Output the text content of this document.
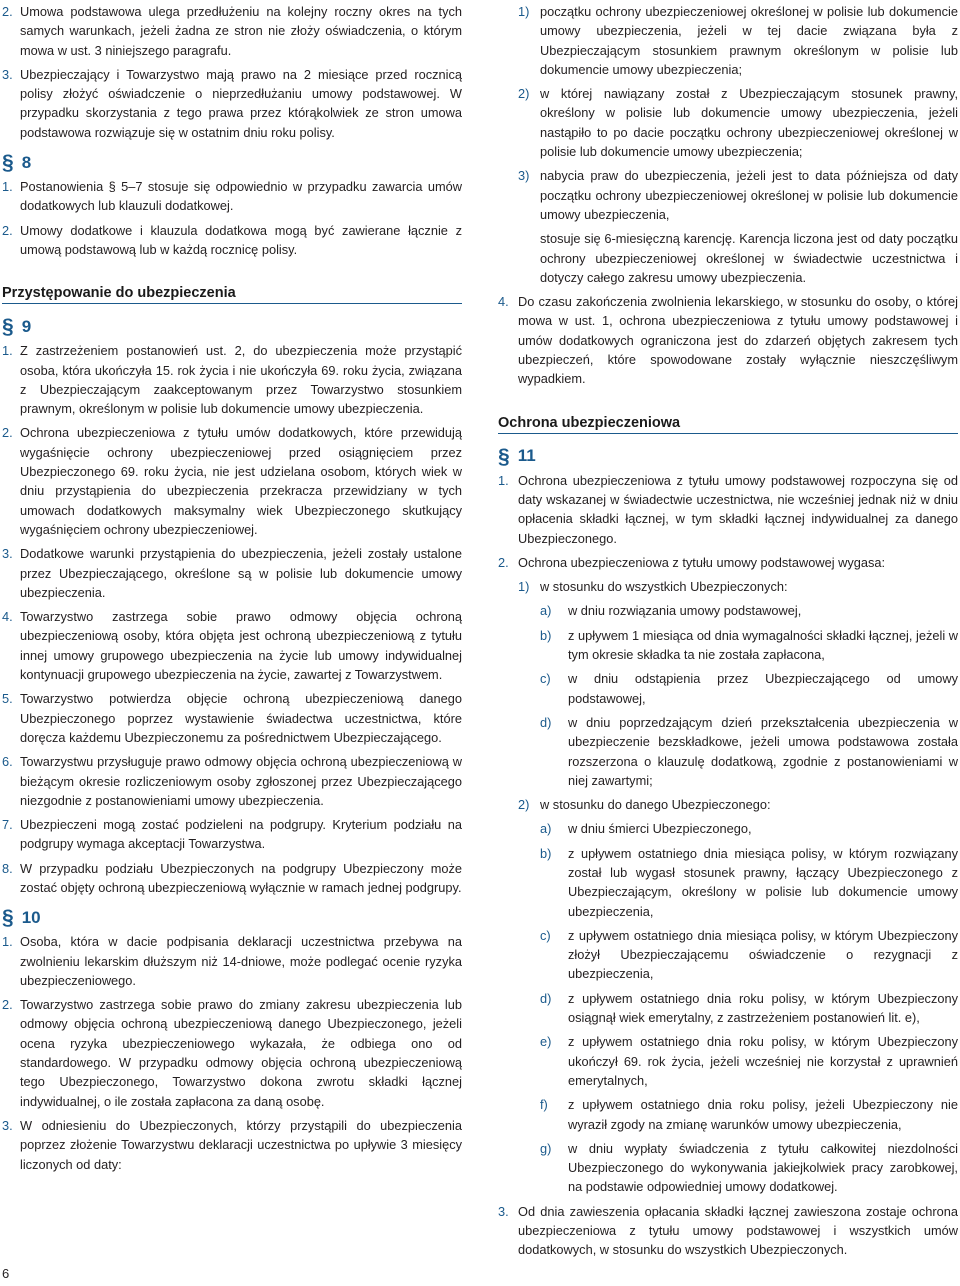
2. Umowa podstawowa ulega przedłużeniu na kolejny roczny okres na tych samych warunkach, jeżeli żadna ze stron nie złoży oświadczenia, o którym mowa w ust. 3 niniejszego paragrafu.
3. Ubezpieczający i Towarzystwo mają prawo na 2 miesiące przed rocznicą polisy złożyć oświadczenie o nieprzedłużaniu umowy podstawowej. W przypadku skorzystania z tego prawa przez którąkolwiek ze stron umowa podstawowa rozwiązuje się w ostatnim dniu roku polisy.
§ 8
1. Postanowienia § 5–7 stosuje się odpowiednio w przypadku zawarcia umów dodatkowych lub klauzuli dodatkowej.
2. Umowy dodatkowe i klauzula dodatkowa mogą być zawierane łącznie z umową podstawową lub w każdą rocznicę polisy.
Przystępowanie do ubezpieczenia
§ 9
1. Z zastrzeżeniem postanowień ust. 2, do ubezpieczenia może przystąpić osoba, która ukończyła 15. rok życia i nie ukończyła 69. roku życia, związana z Ubezpieczającym zaakceptowanym przez Towarzystwo stosunkiem prawnym, określonym w polisie lub dokumencie umowy ubezpieczenia.
2. Ochrona ubezpieczeniowa z tytułu umów dodatkowych, które przewidują wygaśnięcie ochrony ubezpieczeniowej przed osiągnięciem przez Ubezpieczonego 69. roku życia, nie jest udzielana osobom, których wiek w dniu przystąpienia do ubezpieczenia przekracza przewidziany w tych umowach dodatkowych maksymalny wiek Ubezpieczonego skutkujący wygaśnięciem ochrony ubezpieczeniowej.
3. Dodatkowe warunki przystąpienia do ubezpieczenia, jeżeli zostały ustalone przez Ubezpieczającego, określone są w polisie lub dokumencie umowy ubezpieczenia.
4. Towarzystwo zastrzega sobie prawo odmowy objęcia ochroną ubezpieczeniową osoby, która objęta jest ochroną ubezpieczeniową z tytułu innej umowy grupowego ubezpieczenia na życie lub umowy indywidualnej kontynuacji grupowego ubezpieczenia na życie, zawartej z Towarzystwem.
5. Towarzystwo potwierdza objęcie ochroną ubezpieczeniową danego Ubezpieczonego poprzez wystawienie świadectwa uczestnictwa, które doręcza każdemu Ubezpieczonemu za pośrednictwem Ubezpieczającego.
6. Towarzystwu przysługuje prawo odmowy objęcia ochroną ubezpieczeniową w bieżącym okresie rozliczeniowym osoby zgłoszonej przez Ubezpieczającego niezgodnie z postanowieniami umowy ubezpieczenia.
7. Ubezpieczeni mogą zostać podzieleni na podgrupy. Kryterium podziału na podgrupy wymaga akceptacji Towarzystwa.
8. W przypadku podziału Ubezpieczonych na podgrupy Ubezpieczony może zostać objęty ochroną ubezpieczeniową wyłącznie w ramach jednej podgrupy.
§ 10
1. Osoba, która w dacie podpisania deklaracji uczestnictwa przebywa na zwolnieniu lekarskim dłuższym niż 14-dniowe, może podlegać ocenie ryzyka ubezpieczeniowego.
2. Towarzystwo zastrzega sobie prawo do zmiany zakresu ubezpieczenia lub odmowy objęcia ochroną ubezpieczeniową danego Ubezpieczonego, jeżeli ocena ryzyka ubezpieczeniowego wykazała, że odbiega ono od standardowego. W przypadku odmowy objęcia ochroną ubezpieczeniową tego Ubezpieczonego, Towarzystwo dokona zwrotu składki łącznej indywidualnej, o ile została zapłacona za daną osobę.
3. W odniesieniu do Ubezpieczonych, którzy przystąpili do ubezpieczenia poprzez złożenie Towarzystwu deklaracji uczestnictwa po upływie 3 miesięcy liczonych od daty:
1) początku ochrony ubezpieczeniowej określonej w polisie lub dokumencie umowy ubezpieczenia, jeżeli w tej dacie związana była z Ubezpieczającym stosunkiem prawnym określonym w polisie lub dokumencie umowy ubezpieczenia;
2) w której nawiązany został z Ubezpieczającym stosunek prawny, określony w polisie lub dokumencie umowy ubezpieczenia, jeżeli nastąpiło to po dacie początku ochrony ubezpieczeniowej określonej w polisie lub dokumencie umowy ubezpieczenia;
3) nabycia praw do ubezpieczenia, jeżeli jest to data późniejsza od daty początku ochrony ubezpieczeniowej określonej w polisie lub dokumencie umowy ubezpieczenia,
stosuje się 6-miesięczną karencję. Karencja liczona jest od daty początku ochrony ubezpieczeniowej określonej w świadectwie uczestnictwa i dotyczy całego zakresu umowy ubezpieczenia.
4. Do czasu zakończenia zwolnienia lekarskiego, w stosunku do osoby, o której mowa w ust. 1, ochrona ubezpieczeniowa z tytułu umowy podstawowej i umów dodatkowych ograniczona jest do zdarzeń objętych zakresem tych ubezpieczeń, które spowodowane zostały wyłącznie nieszczęśliwym wypadkiem.
Ochrona ubezpieczeniowa
§ 11
1. Ochrona ubezpieczeniowa z tytułu umowy podstawowej rozpoczyna się od daty wskazanej w świadectwie uczestnictwa, nie wcześniej jednak niż w dniu opłacenia składki łącznej, w tym składki łącznej indywidualnej za danego Ubezpieczonego.
2. Ochrona ubezpieczeniowa z tytułu umowy podstawowej wygasa:
1) w stosunku do wszystkich Ubezpieczonych:
a)	w dniu rozwiązania umowy podstawowej,
b)	z upływem 1 miesiąca od dnia wymagalności składki łącznej, jeżeli w tym okresie składka ta nie została zapłacona,
c)	w dniu odstąpienia przez Ubezpieczającego od umowy podstawowej,
d)	w dniu poprzedzającym dzień przekształcenia ubezpieczenia w ubezpieczenie bezskładkowe, jeżeli umowa podstawowa została rozszerzona o klauzulę dodatkową, zgodnie z postanowieniami w niej zawartymi;
2) w stosunku do danego Ubezpieczonego:
a)	w dniu śmierci Ubezpieczonego,
b)	z upływem ostatniego dnia miesiąca polisy, w którym rozwiązany został lub wygasł stosunek prawny, łączący Ubezpieczonego z Ubezpieczającym, określony w polisie lub dokumencie umowy ubezpieczenia,
c)	z upływem ostatniego dnia miesiąca polisy, w którym Ubezpieczony złożył Ubezpieczającemu oświadczenie o rezygnacji z ubezpieczenia,
d)	z upływem ostatniego dnia roku polisy, w którym Ubezpieczony osiągnął wiek emerytalny, z zastrzeżeniem postanowień lit. e),
e)	z upływem ostatniego dnia roku polisy, w którym Ubezpieczony ukończył 69. rok życia, jeżeli wcześniej nie korzystał z uprawnień emerytalnych,
f)	z upływem ostatniego dnia roku polisy, jeżeli Ubezpieczony nie wyraził zgody na zmianę warunków umowy ubezpieczenia,
g)	w dniu wypłaty świadczenia z tytułu całkowitej niezdolności Ubezpieczonego do wykonywania jakiejkolwiek pracy zarobkowej, na podstawie odpowiedniej umowy dodatkowej.
3. Od dnia zawieszenia opłacania składki łącznej zawieszona zostaje ochrona ubezpieczeniowa z tytułu umowy podstawowej i wszystkich umów dodatkowych, w stosunku do wszystkich Ubezpieczonych.
6
